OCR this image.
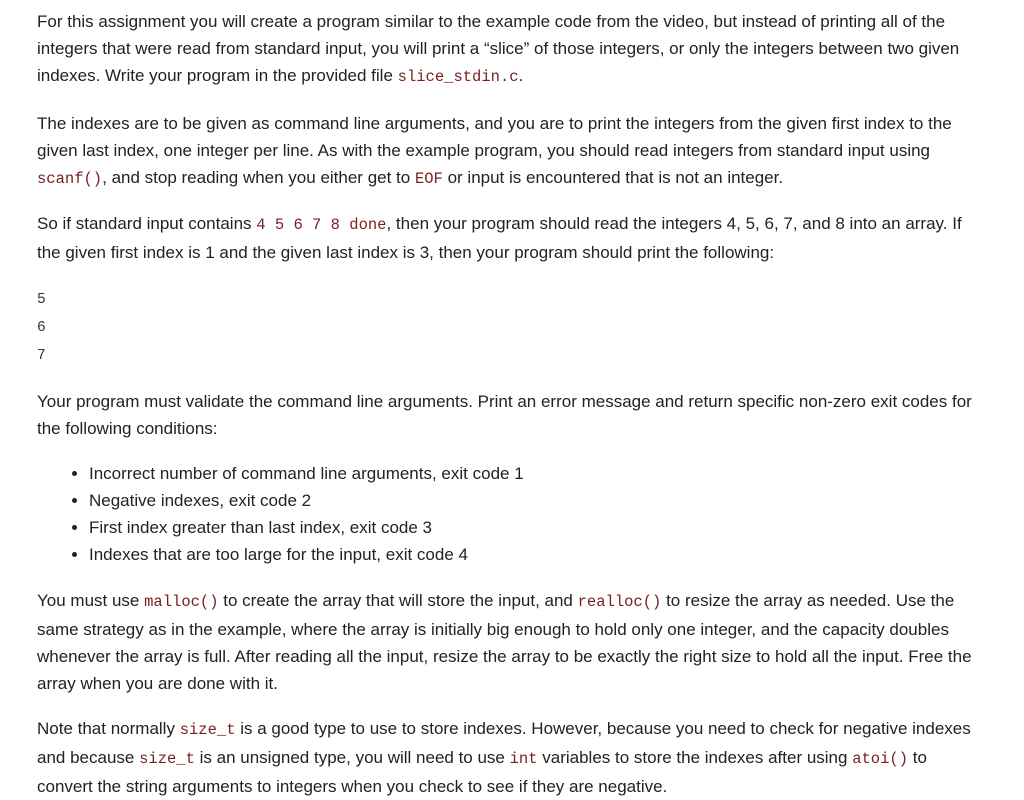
For this assignment you will create a program similar to the example code from the video, but instead of printing all of the integers that were read from standard input, you will print a “slice” of those integers, or only the integers between two given indexes. Write your program in the provided file slice_stdin.c.

The indexes are to be given as command line arguments, and you are to print the integers from the given first index to the given last index, one integer per line. As with the example program, you should read integers from standard input using scanf(), and stop reading when you either get to EOF or input is encountered that is not an integer.

So if standard input contains 4 5 6 7 8 done, then your program should read the integers 4, 5, 6, 7, and 8 into an array. If the given first index is 1 and the given last index is 3, then your program should print the following:

5
6
7

Your program must validate the command line arguments. Print an error message and return specific non-zero exit codes for the following conditions:

• Incorrect number of command line arguments, exit code 1
• Negative indexes, exit code 2
• First index greater than last index, exit code 3
• Indexes that are too large for the input, exit code 4

You must use malloc() to create the array that will store the input, and realloc() to resize the array as needed. Use the same strategy as in the example, where the array is initially big enough to hold only one integer, and the capacity doubles whenever the array is full. After reading all the input, resize the array to be exactly the right size to hold all the input. Free the array when you are done with it.

Note that normally size_t is a good type to use to store indexes. However, because you need to check for negative indexes and because size_t is an unsigned type, you will need to use int variables to store the indexes after using atoi() to convert the string arguments to integers when you check to see if they are negative.
